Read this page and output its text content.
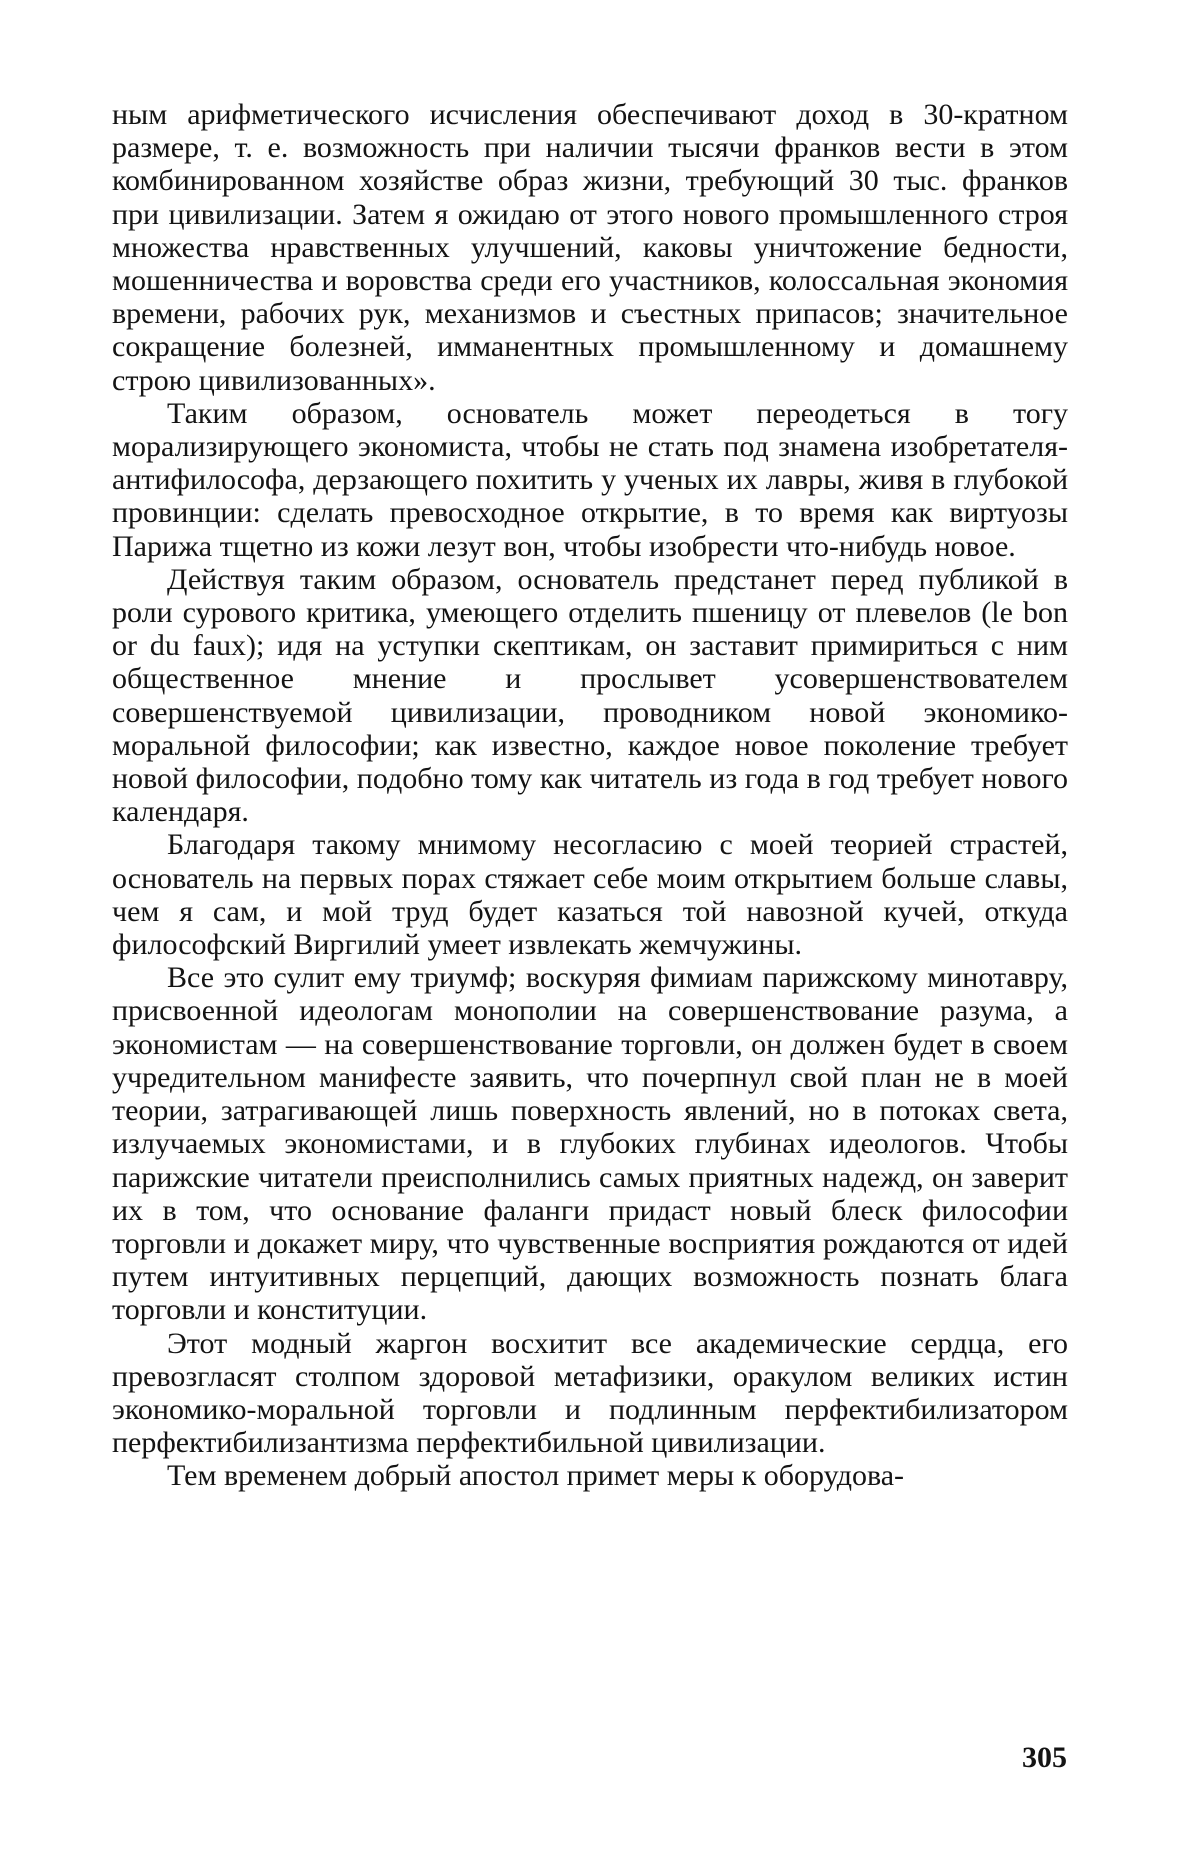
ным арифметического исчисления обеспечивают доход в 30-кратном размере, т. е. возможность при наличии тысячи франков вести в этом комбинированном хозяйстве образ жизни, требующий 30 тыс. франков при цивилизации. Затем я ожидаю от этого нового промышленного строя множества нравственных улучшений, каковы уничтожение бедности, мошенничества и воровства среди его участников, колоссальная экономия времени, рабочих рук, механизмов и съестных припасов; значительное сокращение болезней, имманентных промышленному и домашнему строю цивилизованных».

Таким образом, основатель может переодеться в тогу морализирующего экономиста, чтобы не стать под знамена изобретателя-антифилософа, дерзающего похитить у ученых их лавры, живя в глубокой провинции: сделать превосходное открытие, в то время как виртуозы Парижа тщетно из кожи лезут вон, чтобы изобрести что-нибудь новое.

Действуя таким образом, основатель предстанет перед публикой в роли сурового критика, умеющего отделить пшеницу от плевелов (le bon or du faux); идя на уступки скептикам, он заставит примириться с ним общественное мнение и прослывет усовершенствователем совершенствуемой цивилизации, проводником новой экономико-моральной философии; как известно, каждое новое поколение требует новой философии, подобно тому как читатель из года в год требует нового календаря.

Благодаря такому мнимому несогласию с моей теорией страстей, основатель на первых порах стяжает себе моим открытием больше славы, чем я сам, и мой труд будет казаться той навозной кучей, откуда философский Виргилий умеет извлекать жемчужины.

Все это сулит ему триумф; воскуряя фимиам парижскому минотавру, присвоенной идеологам монополии на совершенствование разума, а экономистам — на совершенствование торговли, он должен будет в своем учредительном манифесте заявить, что почерпнул свой план не в моей теории, затрагивающей лишь поверхность явлений, но в потоках света, излучаемых экономистами, и в глубоких глубинах идеологов. Чтобы парижские читатели преисполнились самых приятных надежд, он заверит их в том, что основание фаланги придаст новый блеск философии торговли и докажет миру, что чувственные восприятия рождаются от идей путем интуитивных перцепций, дающих возможность познать блага торговли и конституции.

Этот модный жаргон восхитит все академические сердца, его превозгласят столпом здоровой метафизики, оракулом великих истин экономико-моральной торговли и подлинным перфектибилизатором перфектибилизантизма перфектибильной цивилизации.

Тем временем добрый апостол примет меры к оборудова-

305
